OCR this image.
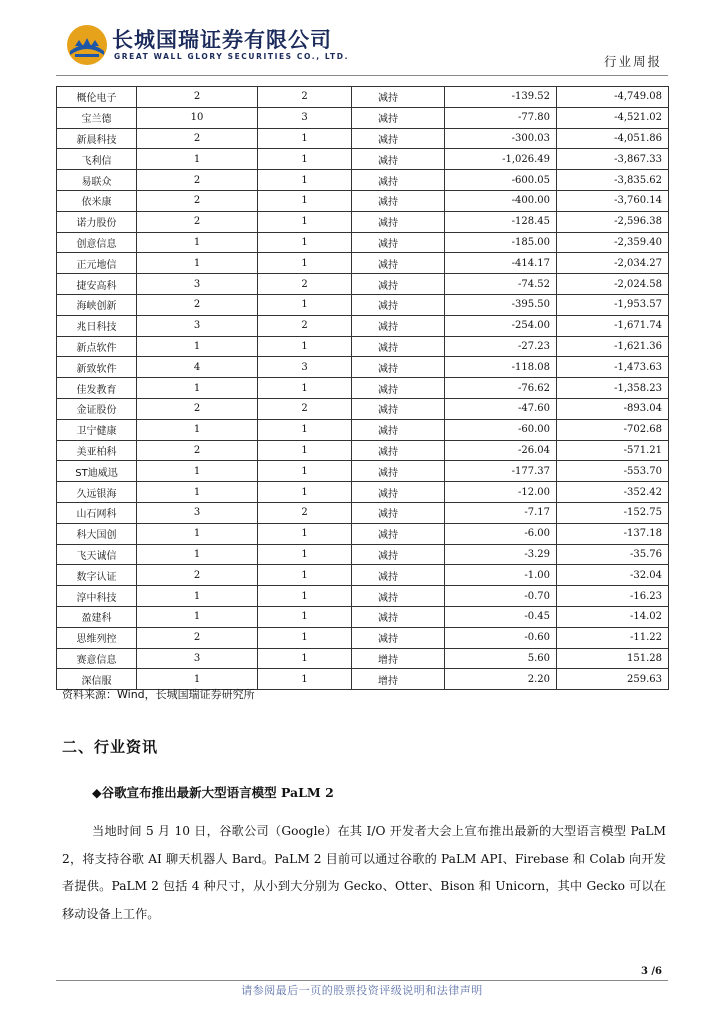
长城国瑞证券有限公司
GREAT WALL GLORY SECURITIES CO., LTD.	行业周报
概伦电子	2	2	减持	-139.52	-4,749.08
宝兰德	10	3	减持	-77.80	-4,521.02
新晨科技	2	1	减持	-300.03	-4,051.86
飞利信	1	1	减持	-1,026.49	-3,867.33
易联众	2	1	减持	-600.05	-3,835.62
依米康	2	1	减持	-400.00	-3,760.14
诺力股份	2	1	减持	-128.45	-2,596.38
创意信息	1	1	减持	-185.00	-2,359.40
正元地信	1	1	减持	-414.17	-2,034.27
捷安高科	3	2	减持	-74.52	-2,024.58
海峡创新	2	1	减持	-395.50	-1,953.57
兆日科技	3	2	减持	-254.00	-1,671.74
新点软件	1	1	减持	-27.23	-1,621.36
新致软件	4	3	减持	-118.08	-1,473.63
佳发教育	1	1	减持	-76.62	-1,358.23
金证股份	2	2	减持	-47.60	-893.04
卫宁健康	1	1	减持	-60.00	-702.68
美亚柏科	2	1	减持	-26.04	-571.21
ST迪威迅	1	1	减持	-177.37	-553.70
久远银海	1	1	减持	-12.00	-352.42
山石网科	3	2	减持	-7.17	-152.75
科大国创	1	1	减持	-6.00	-137.18
飞天诚信	1	1	减持	-3.29	-35.76
数字认证	2	1	减持	-1.00	-32.04
淳中科技	1	1	减持	-0.70	-16.23
盈建科	1	1	减持	-0.45	-14.02
思维列控	2	1	减持	-0.60	-11.22
赛意信息	3	1	增持	5.60	151.28
深信服	1	1	增持	2.20	259.63
资料来源：Wind，长城国瑞证券研究所
二、行业资讯
◆谷歌宣布推出最新大型语言模型 PaLM 2
当地时间 5 月 10 日，谷歌公司（Google）在其 I/O 开发者大会上宣布推出最新的大型语言模型 PaLM 2，将支持谷歌 AI 聊天机器人 Bard。PaLM 2 目前可以通过谷歌的 PaLM API、Firebase 和 Colab 向开发者提供。PaLM 2 包括 4 种尺寸，从小到大分别为 Gecko、Otter、Bison 和 Unicorn，其中 Gecko 可以在移动设备上工作。
3 /6
请参阅最后一页的股票投资评级说明和法律声明
